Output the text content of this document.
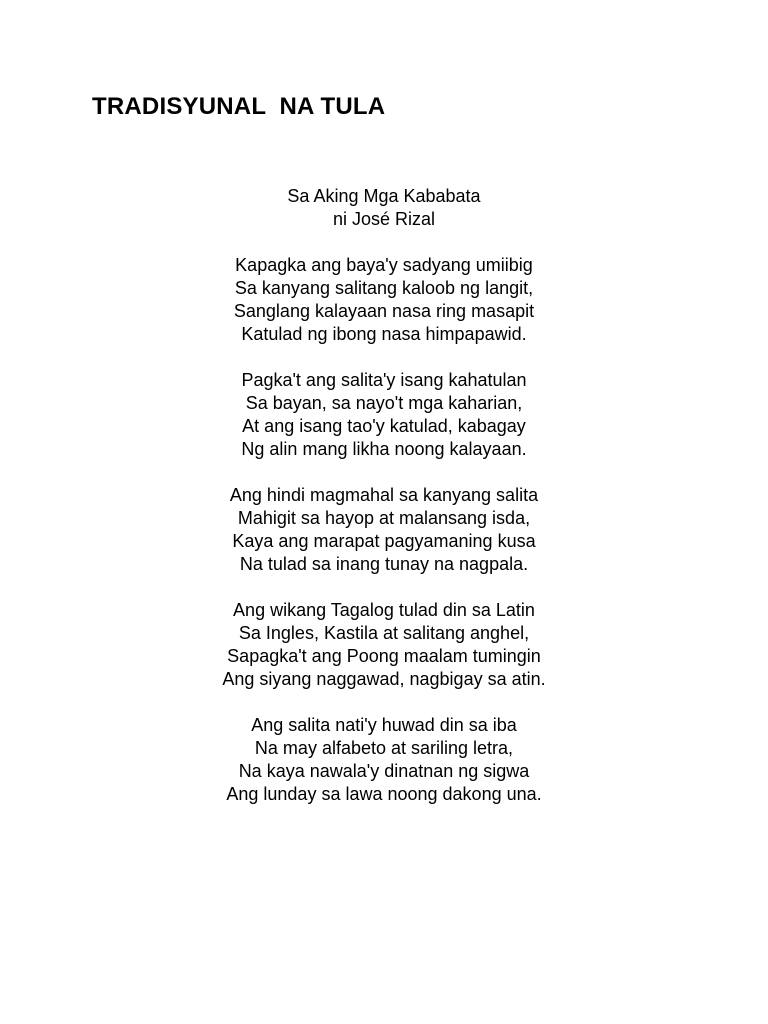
TRADISYUNAL  NA TULA
Sa Aking Mga Kababata
ni José Rizal
Kapagka ang baya'y sadyang umiibig
Sa kanyang salitang kaloob ng langit,
Sanglang kalayaan nasa ring masapit
Katulad ng ibong nasa himpapawid.
Pagka't ang salita'y isang kahatulan
Sa bayan, sa nayo't mga kaharian,
At ang isang tao'y katulad, kabagay
Ng alin mang likha noong kalayaan.
Ang hindi magmahal sa kanyang salita
Mahigit sa hayop at malansang isda,
Kaya ang marapat pagyamaning kusa
Na tulad sa inang tunay na nagpala.
Ang wikang Tagalog tulad din sa Latin
Sa Ingles, Kastila at salitang anghel,
Sapagka't ang Poong maalam tumingin
Ang siyang naggawad, nagbigay sa atin.
Ang salita nati'y huwad din sa iba
Na may alfabeto at sariling letra,
Na kaya nawala'y dinatnan ng sigwa
Ang lunday sa lawa noong dakong una.
